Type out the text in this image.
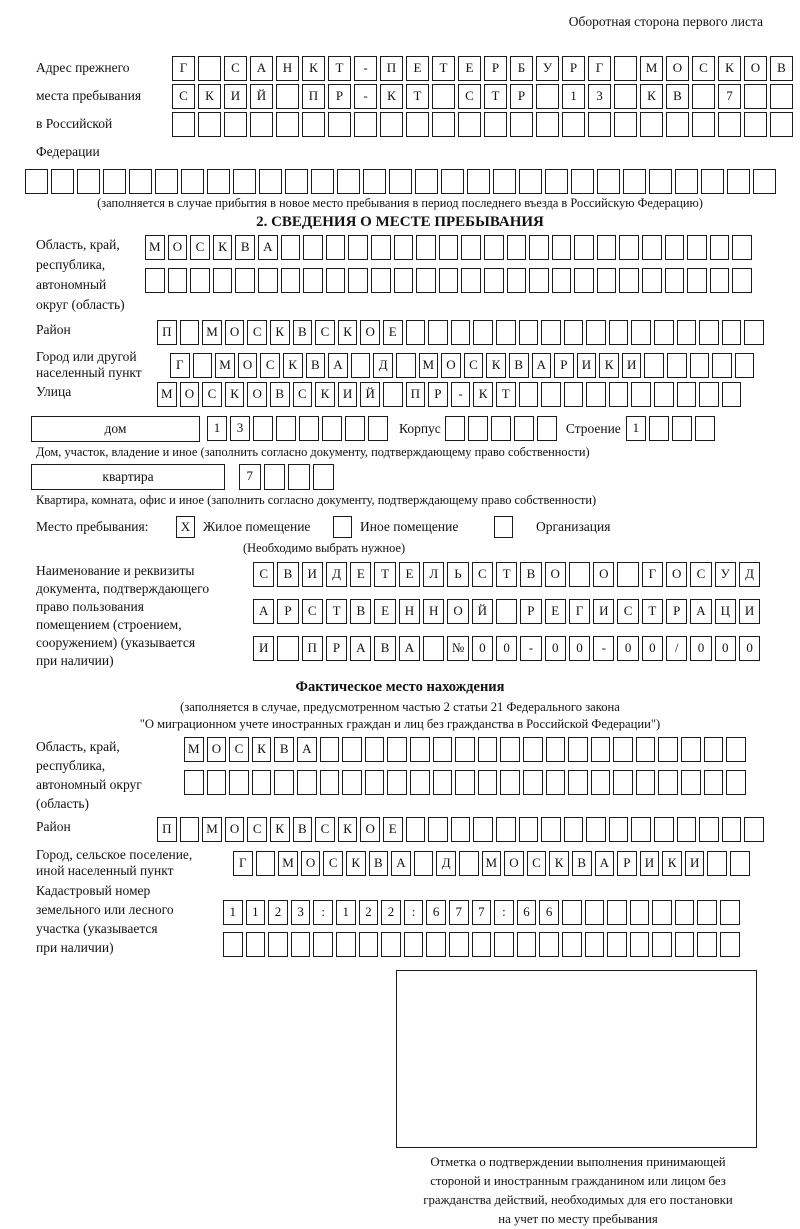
Оборотная сторона первого листа
Адрес прежнего
места пребывания
в Российской
Федерации
Г	С	А	Н	К	Т	-	П	Е	Т	Е	Р	Б	У	Р	Г	М	О	С	К	О	В
С	К	И	Й	П	Р	-	К	Т	С	Т	Р	1	3	К	В	7
(заполняется в случае прибытия в новое место пребывания в период последнего въезда в Российскую Федерацию)
2. СВЕДЕНИЯ О МЕСТЕ ПРЕБЫВАНИЯ
Область, край,
республика,
автономный
округ (область)
М О	С	К	В	А
Район	П	М О	С	К	В	С	К	О	Е
Город или другой
населенный пункт
Г	М О	С	К	В	А	Д	М О	С	К	В	А	Р	И	К	И
Улица	М О	С	К	О	В	С	К	И	Й	П	Р	-	К	Т
дом	1	3	Корпус	Строение 1
Дом, участок, владение и иное (заполнить согласно документу, подтверждающему право собственности)
квартира	7
Квартира, комната, офис и иное (заполнить согласно документу, подтверждающему право собственности)
Место пребывания:	X Жилое помещение	Иное помещение	Организация
(Необходимо выбрать нужное)
Наименование и реквизиты
документа, подтверждающего
право пользования
помещением (строением,
сооружением) (указывается
при наличии)
С	В	И	Д	Е	Т	Е	Л	Ь	С	Т	В	О	О	Г	О	С	У	Д
А	Р	С	Т	В	Е	Н	Н	О	Й	Р	Е	Г	И	С	Т	Р	А	Ц	И
И	П	Р	А	В	А	№	0	0	-	0	0	-	0	0	/	0	0	0
Фактическое место нахождения
(заполняется в случае, предусмотренном частью 2 статьи 21 Федерального закона
"О миграционном учете иностранных граждан и лиц без гражданства в Российской Федерации")
Область, край,
республика,
автономный округ
(область)
М О	С	К	В	А
Район	П	М О	С	К	В	С	К	О	Е
Город, сельское поселение,
иной населенный пункт
Г	М О	С	К	В	А	Д	М О	С	К	В	А	Р	И	К	И
Кадастровый номер
земельного или лесного
участка (указывается
при наличии)
1	1	2	3	:	1	2	2	:	6	7	7	:	6	6
Отметка о подтверждении выполнения принимающей
стороной и иностранным гражданином или лицом без
гражданства действий, необходимых для его постановки
на учет по месту пребывания
